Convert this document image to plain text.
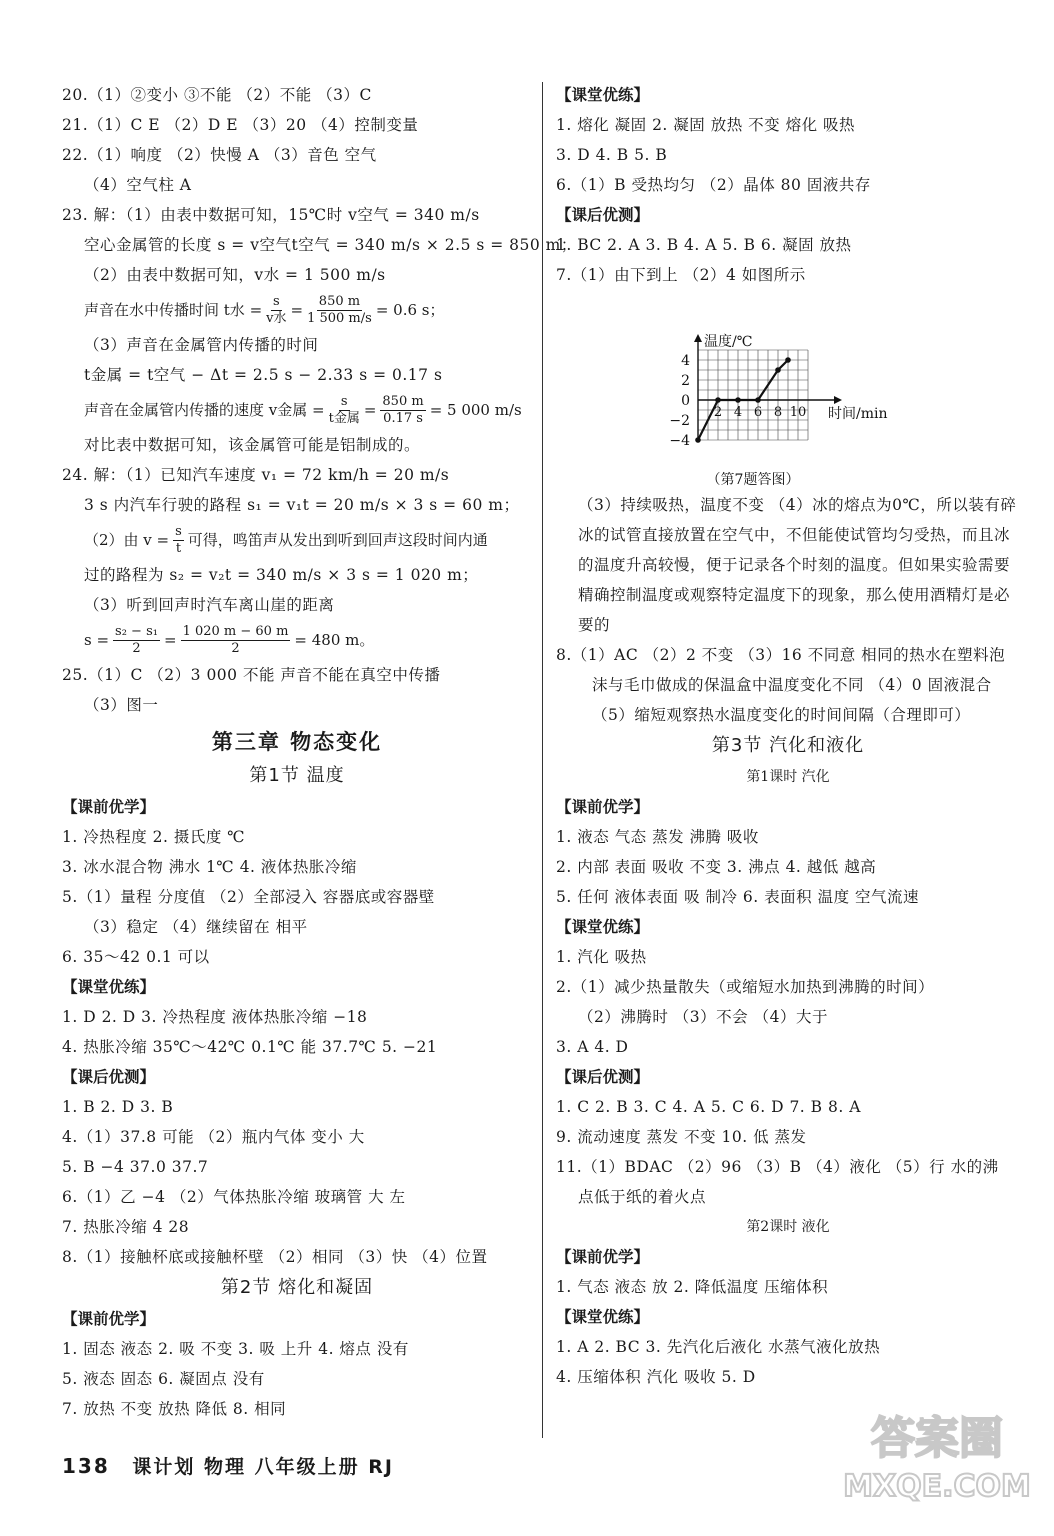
20.（1）②变小 ③不能 （2）不能 （3）C
21.（1）C E （2）D E （3）20 （4）控制变量
22.（1）响度 （2）快慢 A （3）音色 空气
（4）空气柱 A
23. 解：（1）由表中数据可知，15℃时 v空气 = 340 m/s
空心金属管的长度 s = v空气t空气 = 340 m/s × 2.5 s = 850 m；
（2）由表中数据可知，v水 = 1 500 m/s
声音在水中传播时间 t水 = $\frac{s}{\text{v水}} = \frac{850 m}{1 500 m/s} = 0.6$ s；
（3）声音在金属管内传播的时间
t金属 = t空气 − Δt = 2.5 s − 2.33 s = 0.17 s
声音在金属管内传播的速度 v金属 = $\frac{s}{\text{t金属}} = \frac{850 m}{0.17 s} = 5$ 000 m/s
对比表中数据可知，该金属管可能是铝制成的。
24. 解：（1）已知汽车速度 v₁ = 72 km/h = 20 m/s
3 s 内汽车行驶的路程 s₁ = v₁t = 20 m/s × 3 s = 60 m；
（2）由 $v = \frac{s}{t}$ 可得，鸣笛声从发出到听到回声这段时间内通
过的路程为 s₂ = v₂t = 340 m/s × 3 s = 1 020 m；
（3）听到回声时汽车离山崖的距离
$s = \frac{\text{s₂ − s₁}}{2} = \frac{1 020 m - 60 m}{2} = 480$ m。
25.（1）C （2）3 000 不能 声音不能在真空中传播
（3）图一
第三章 物态变化
第1节 温度
【课前优学】
1. 冷热程度 2. 摄氏度 ℃
3. 冰水混合物 沸水 1℃ 4. 液体热胀冷缩
5.（1）量程 分度值 （2）全部浸入 容器底或容器壁
（3）稳定 （4）继续留在 相平
6. 35～42 0.1 可以
【课堂优练】
1. D 2. D 3. 冷热程度 液体热胀冷缩 −18
4. 热胀冷缩 35℃～42℃ 0.1℃ 能 37.7℃ 5. −21
【课后优测】
1. B 2. D 3. B
4.（1）37.8 可能 （2）瓶内气体 变小 大
5. B −4 37.0 37.7
6.（1）乙 −4 （2）气体热胀冷缩 玻璃管 大 左
7. 热胀冷缩 4 28
8.（1）接触杯底或接触杯壁 （2）相同 （3）快 （4）位置
第2节 熔化和凝固
【课前优学】
1. 固态 液态 2. 吸 不变 3. 吸 上升 4. 熔点 没有
5. 液态 固态 6. 凝固点 没有
7. 放热 不变 放热 降低 8. 相同
【课堂优练】
1. 熔化 凝固 2. 凝固 放热 不变 熔化 吸热
3. D 4. B 5. B
6.（1）B 受热均匀 （2）晶体 80 固液共存
【课后优测】
1. BC 2. A 3. B 4. A 5. B 6. 凝固 放热
7.（1）由下到上 （2）4 如图所示
温度/℃
时间/min
4
2
0
−2
−4
2 4 6 8 10
（第7题答图）
（3）持续吸热，温度不变 （4）冰的熔点为0℃，所以装有碎冰的试管直接放置在空气中，不但能使试管均匀受热，而且冰的温度升高较慢，便于记录各个时刻的温度。但如果实验需要精确控制温度或观察特定温度下的现象，那么使用酒精灯是必要的
8.（1）AC （2）2 不变 （3）16 不同意 相同的热水在塑料泡沫与毛巾做成的保温盒中温度变化不同 （4）0 固液混合 （5）缩短观察热水温度变化的时间间隔（合理即可）
第3节 汽化和液化
第1课时 汽化
【课前优学】
1. 液态 气态 蒸发 沸腾 吸收
2. 内部 表面 吸收 不变 3. 沸点 4. 越低 越高
5. 任何 液体表面 吸 制冷 6. 表面积 温度 空气流速
【课堂优练】
1. 汽化 吸热
2.（1）减少热量散失（或缩短水加热到沸腾的时间）
（2）沸腾时 （3）不会 （4）大于
3. A 4. D
【课后优测】
1. C 2. B 3. C 4. A 5. C 6. D 7. B 8. A
9. 流动速度 蒸发 不变 10. 低 蒸发
11.（1）BDAC （2）96 （3）B （4）液化 （5）行 水的沸
点低于纸的着火点
第2课时 液化
【课前优学】
1. 气态 液态 放 2. 降低温度 压缩体积
【课堂优练】
1. A 2. BC 3. 先汽化后液化 水蒸气液化放热
4. 压缩体积 汽化 吸收 5. D
138 课计划 物理 八年级上册 RJ
答案圈
MXQE.COM
